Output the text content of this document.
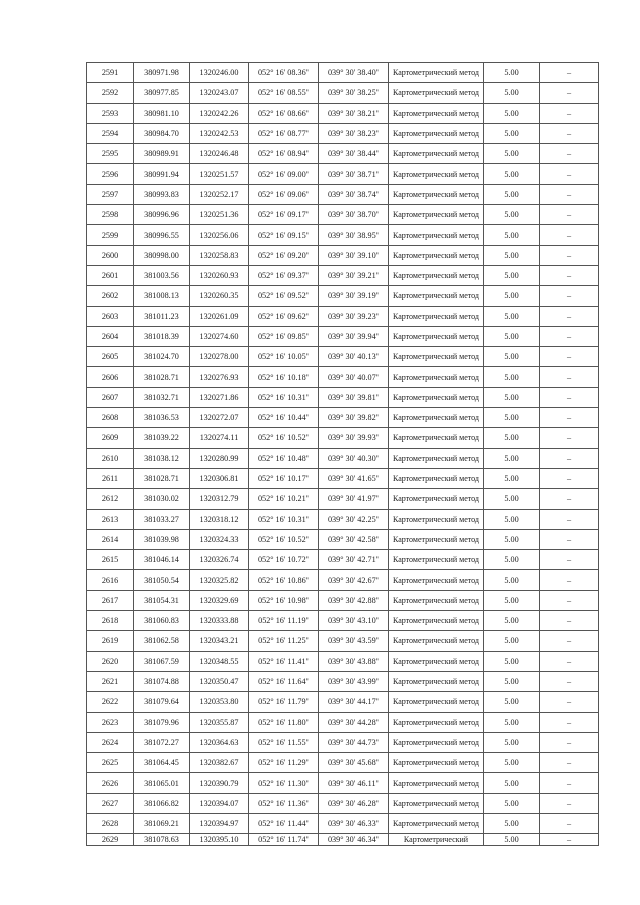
2591	380971.98	1320246.00	052° 16' 08.36"	039° 30' 38.40"	Картометрический метод	5.00	–
2592	380977.85	1320243.07	052° 16' 08.55"	039° 30' 38.25"	Картометрический метод	5.00	–
2593	380981.10	1320242.26	052° 16' 08.66"	039° 30' 38.21"	Картометрический метод	5.00	–
2594	380984.70	1320242.53	052° 16' 08.77"	039° 30' 38.23"	Картометрический метод	5.00	–
2595	380989.91	1320246.48	052° 16' 08.94"	039° 30' 38.44"	Картометрический метод	5.00	–
2596	380991.94	1320251.57	052° 16' 09.00"	039° 30' 38.71"	Картометрический метод	5.00	–
2597	380993.83	1320252.17	052° 16' 09.06"	039° 30' 38.74"	Картометрический метод	5.00	–
2598	380996.96	1320251.36	052° 16' 09.17"	039° 30' 38.70"	Картометрический метод	5.00	–
2599	380996.55	1320256.06	052° 16' 09.15"	039° 30' 38.95"	Картометрический метод	5.00	–
2600	380998.00	1320258.83	052° 16' 09.20"	039° 30' 39.10"	Картометрический метод	5.00	–
2601	381003.56	1320260.93	052° 16' 09.37"	039° 30' 39.21"	Картометрический метод	5.00	–
2602	381008.13	1320260.35	052° 16' 09.52"	039° 30' 39.19"	Картометрический метод	5.00	–
2603	381011.23	1320261.09	052° 16' 09.62"	039° 30' 39.23"	Картометрический метод	5.00	–
2604	381018.39	1320274.60	052° 16' 09.85"	039° 30' 39.94"	Картометрический метод	5.00	–
2605	381024.70	1320278.00	052° 16' 10.05"	039° 30' 40.13"	Картометрический метод	5.00	–
2606	381028.71	1320276.93	052° 16' 10.18"	039° 30' 40.07"	Картометрический метод	5.00	–
2607	381032.71	1320271.86	052° 16' 10.31"	039° 30' 39.81"	Картометрический метод	5.00	–
2608	381036.53	1320272.07	052° 16' 10.44"	039° 30' 39.82"	Картометрический метод	5.00	–
2609	381039.22	1320274.11	052° 16' 10.52"	039° 30' 39.93"	Картометрический метод	5.00	–
2610	381038.12	1320280.99	052° 16' 10.48"	039° 30' 40.30"	Картометрический метод	5.00	–
2611	381028.71	1320306.81	052° 16' 10.17"	039° 30' 41.65"	Картометрический метод	5.00	–
2612	381030.02	1320312.79	052° 16' 10.21"	039° 30' 41.97"	Картометрический метод	5.00	–
2613	381033.27	1320318.12	052° 16' 10.31"	039° 30' 42.25"	Картометрический метод	5.00	–
2614	381039.98	1320324.33	052° 16' 10.52"	039° 30' 42.58"	Картометрический метод	5.00	–
2615	381046.14	1320326.74	052° 16' 10.72"	039° 30' 42.71"	Картометрический метод	5.00	–
2616	381050.54	1320325.82	052° 16' 10.86"	039° 30' 42.67"	Картометрический метод	5.00	–
2617	381054.31	1320329.69	052° 16' 10.98"	039° 30' 42.88"	Картометрический метод	5.00	–
2618	381060.83	1320333.88	052° 16' 11.19"	039° 30' 43.10"	Картометрический метод	5.00	–
2619	381062.58	1320343.21	052° 16' 11.25"	039° 30' 43.59"	Картометрический метод	5.00	–
2620	381067.59	1320348.55	052° 16' 11.41"	039° 30' 43.88"	Картометрический метод	5.00	–
2621	381074.88	1320350.47	052° 16' 11.64"	039° 30' 43.99"	Картометрический метод	5.00	–
2622	381079.64	1320353.80	052° 16' 11.79"	039° 30' 44.17"	Картометрический метод	5.00	–
2623	381079.96	1320355.87	052° 16' 11.80"	039° 30' 44.28"	Картометрический метод	5.00	–
2624	381072.27	1320364.63	052° 16' 11.55"	039° 30' 44.73"	Картометрический метод	5.00	–
2625	381064.45	1320382.67	052° 16' 11.29"	039° 30' 45.68"	Картометрический метод	5.00	–
2626	381065.01	1320390.79	052° 16' 11.30"	039° 30' 46.11"	Картометрический метод	5.00	–
2627	381066.82	1320394.07	052° 16' 11.36"	039° 30' 46.28"	Картометрический метод	5.00	–
2628	381069.21	1320394.97	052° 16' 11.44"	039° 30' 46.33"	Картометрический метод	5.00	–
2629	381078.63	1320395.10	052° 16' 11.74"	039° 30' 46.34"	Картометрический	5.00	–
